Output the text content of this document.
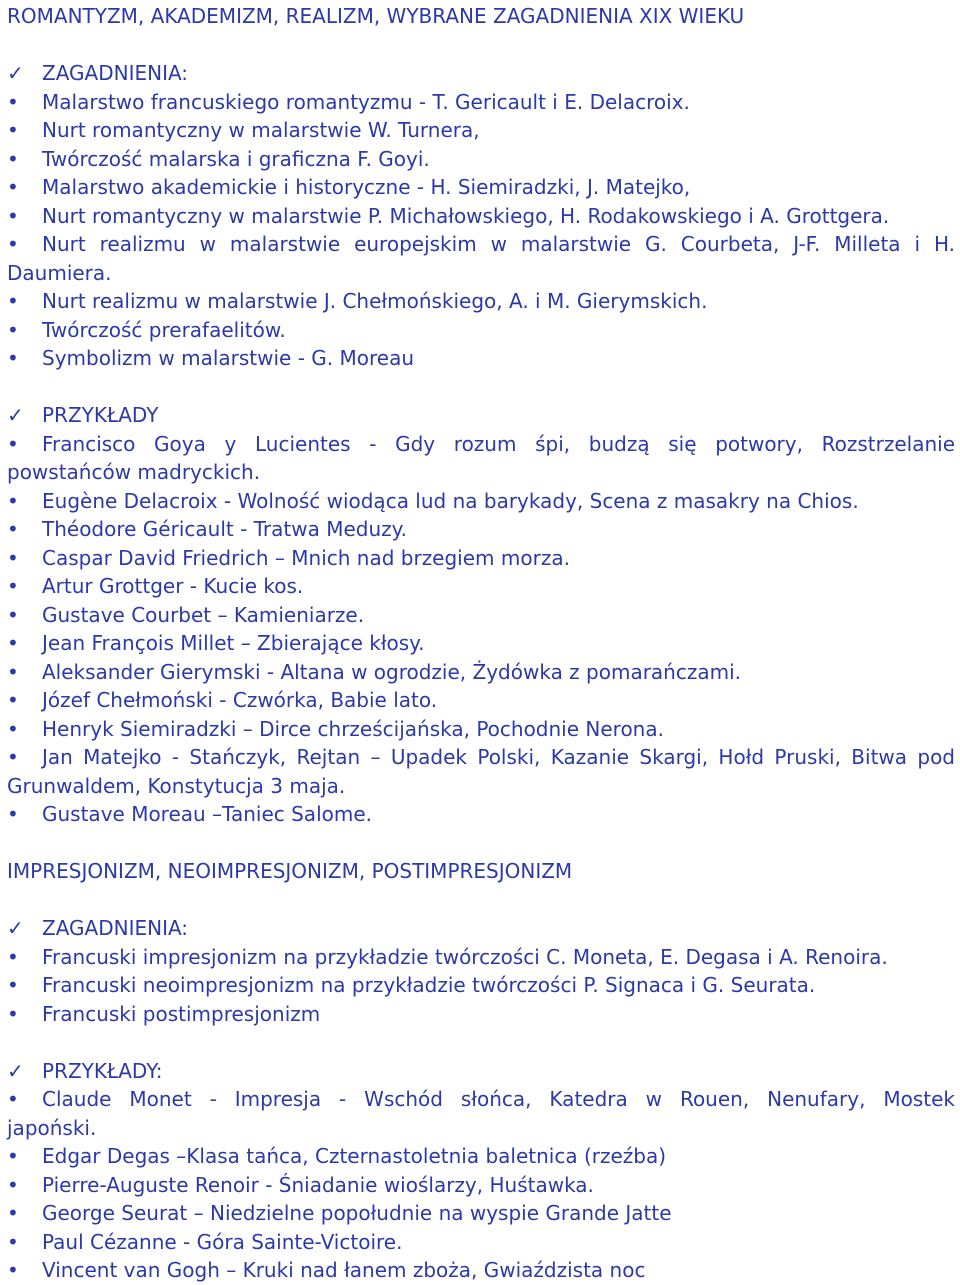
ROMANTYZM, AKADEMIZM, REALIZM, WYBRANE ZAGADNIENIA XIX WIEKU
✓ ZAGADNIENIA:
•	Malarstwo francuskiego romantyzmu - T. Gericault i E. Delacroix.
•	Nurt romantyczny w malarstwie W. Turnera,
•	Twórczość malarska i graficzna F. Goyi.
•	Malarstwo akademickie i historyczne - H. Siemiradzki, J. Matejko,
•	Nurt romantyczny w malarstwie P. Michałowskiego, H. Rodakowskiego i A. Grottgera.
•	Nurt realizmu w malarstwie europejskim w malarstwie G. Courbeta, J-F. Milleta i H.
Daumiera.
•	Nurt realizmu w malarstwie J. Chełmońskiego, A. i M. Gierymskich.
•	Twórczość prerafaelitów.
•	Symbolizm w malarstwie - G. Moreau
✓ PRZYKŁADY
•	Francisco Goya y Lucientes - Gdy rozum śpi, budzą się potwory, Rozstrzelanie
powstańców madryckich.
•	Eugène Delacroix - Wolność wiodąca lud na barykady, Scena z masakry na Chios.
•	Théodore Géricault - Tratwa Meduzy.
•	Caspar David Friedrich – Mnich nad brzegiem morza.
•	Artur Grottger - Kucie kos.
•	Gustave Courbet – Kamieniarze.
•	Jean François Millet – Zbierające kłosy.
•	Aleksander Gierymski - Altana w ogrodzie, Żydówka z pomarańczami.
•	Józef Chełmoński - Czwórka, Babie lato.
•	Henryk Siemiradzki – Dirce chrześcijańska, Pochodnie Nerona.
•	Jan Matejko - Stańczyk, Rejtan – Upadek Polski, Kazanie Skargi, Hołd Pruski, Bitwa pod
Grunwaldem, Konstytucja 3 maja.
•	Gustave Moreau –Taniec Salome.
IMPRESJONIZM, NEOIMPRESJONIZM, POSTIMPRESJONIZM
✓ ZAGADNIENIA:
•	Francuski impresjonizm na przykładzie twórczości C. Moneta, E. Degasa i A. Renoira.
•	Francuski neoimpresjonizm na przykładzie twórczości P. Signaca i G. Seurata.
•	Francuski postimpresjonizm
✓ PRZYKŁADY:
•	Claude Monet - Impresja - Wschód słońca, Katedra w Rouen, Nenufary, Mostek
japoński.
•	Edgar Degas –Klasa tańca, Czternastoletnia baletnica (rzeźba)
•	Pierre-Auguste Renoir - Śniadanie wioślarzy, Huśtawka.
•	George Seurat – Niedzielne popołudnie na wyspie Grande Jatte
•	Paul Cézanne - Góra Sainte-Victoire.
•	Vincent van Gogh – Kruki nad łanem zboża, Gwiaździsta noc
